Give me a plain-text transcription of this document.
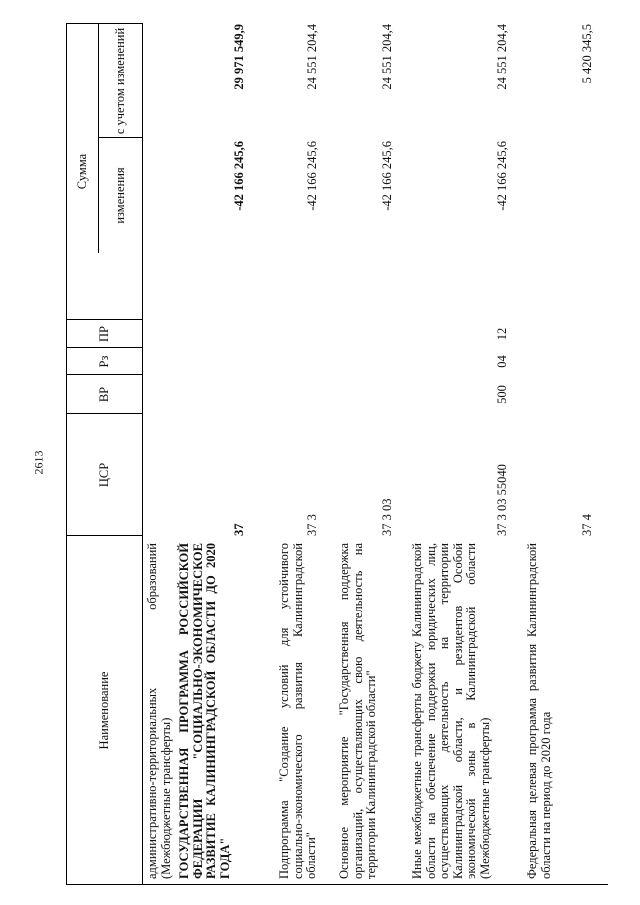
2613
Наименование
ЦСР
ВР
Рз
ПР
Сумма изменения
с учетом изменений
административно-территориальных образований (Межбюджетные трансферты) ГОСУДАРСТВЕННАЯ ПРОГРАММА РОССИЙСКОЙ ФЕДЕРАЦИИ "СОЦИАЛЬНО-ЭКОНОМИЧЕСКОЕ РАЗВИТИЕ КАЛИНИНГРАДСКОЙ ОБЛАСТИ ДО 2020 ГОДА"
37
-42 166 245,6
29 971 549,9
Подпрограмма "Создание условий для устойчивого социально-экономического развития Калининградской области"
37 3
-42 166 245,6
24 551 204,4
Основное мероприятие "Государственная поддержка организаций, осуществляющих свою деятельность на территории Калининградской области"
37 3 03
-42 166 245,6
24 551 204,4
Иные межбюджетные трансферты бюджету Калининградской области на обеспечение поддержки юридических лиц, осуществляющих деятельность на территории Калининградской области, и резидентов Особой экономической зоны в Калининградской области (Межбюджетные трансферты)
37 3 03 55040
500
04
12
-42 166 245,6
24 551 204,4
Федеральная целевая программа развития Калининградской области на период до 2020 года
37 4
5 420 345,5
